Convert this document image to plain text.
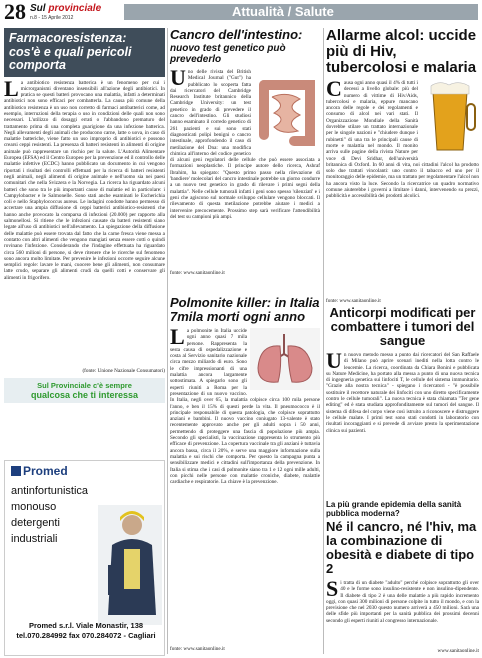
28 Sul provinciale
n.8 - 15 Aprile 2012	Attualità / Salute
Farmacoresistenza: cos'è e quali pericoli comporta
La antibiotico resistenza batterica è un fenomeno per cui i microrganismi diventano insensibili all'azione degli antibiotici. In pratica se questi batteri provocano una malattia, infatti a determinati antibiotici non sono efficaci per combatterla. La causa più comune della antibiotico resistenza è un uso non corretto di farmaci antibatterici come, ad esempio, interruzioni della terapia o uso in condizioni delle quali non sono necessari. L'utilizzo di dosaggi errati o l'abbandono prematuro del trattamento prima di una completa guarigione da una infezione batterica. Negli allevamenti degli animali che producono carne, latte o uova, in caso di malattie batteriche, viene fatto un uso improprio di antibiotici e possono crearsi ceppi resistenti. La presenza di batteri resistenti in alimenti di origine animale può rappresentare un rischio per la salute. L'Autorità Alimentare Europea (EFSA) ed il Centro Europeo per la prevenzione ed il controllo delle malattie infettive (ECDC) hanno pubblicato un documento in cui vengono riportati i risultati dei controlli effettuati per la ricerca di batteri resistenti negli animali, negli alimenti di origine animale e nell'uomo sia nei paesi comunitari che nella Svizzera e la Norvegia. La ricerca ha riguardato alcuni batteri che sono tra le più importanti cause di malattie ed in particolare: i Campylobacter e le Salmonelle. Sono stati anche esaminati le Escherichia coli e nello Staphylococcus aureus. Le indagini condotte hanno permesso di accertare una ampia diffusione di ceppi batterici antibiotico-resistenti che hanno anche provocato la comparsa di infezioni (20.000) per rapporto alla salmonellosi. Si ritiene che le infezioni causate da batteri resistenti siano legate all'uso di antibiotici nell'allevamento. La spiegazione della diffusione delle malattie può essere trovata dal fatto che la carne fresca viene messa a contatto con altri alimenti che vengono mangiati senza essere cotti o quindi rovinano l'infezione. Considerando che l'indagine effettuata ha riguardato circa 560 milioni di persone, si deve ritenere che le ricerche sul fenomeno sono ancora molto limitate. Per prevenire le infezioni occorre seguire alcune semplici regole: lavare le mani, cuocere bene gli alimenti, non consumare latte crudo, separare gli alimenti crudi da quelli cotti e conservare gli alimenti in frigorifero.
(fonte: Unione Nazionale Consumatori)
Sul Provinciale c'è sempre
qualcosa che ti interessa
Promed
antinfortunistica
monouso
detergenti
industriali
Promed s.r.l. Viale Monastir, 138
tel.070.284992 fax 070.284072 - Cagliari
Cancro dell'intestino:
nuovo test genetico può prevederlo
Uno delle rivista del British Medical Journal ("Gut") ha pubblicato lo scoperta fatta dai ricercatori del Cambridge Research Institute britannico della Cambridge University: un test genetico in grado di prevedere il cancro dell'intestino. Gli studiosi hanno esaminato il corredo genetico di 261 pazienti e sui sono stati diagnosticati polipi benigni o cancro intestinale, approfondendo il caso di metilazione del Dna: una modifica chimica all'interno del codice genetico di alcuni geni regolatori delle cellule che può essere associata a formazioni neoplastiche. Il principe autore dello ricerca, Ashraf Ibrahim, ha spiegato: "Questo primo passo nella rilevazione di 'bandiere' molecolari del cancro intestinale potrebbe un giorno condurre a un nuovo test genetico in grado di rilevare i primi segni della malattia". Nelle cellule tumorali infatti i geni sono spesso 'silenziati' e i geni che agiscono sul normale sviluppo cellulare vengono bloccati. Il rilevamento di questa metilazione potrebbe aiutare i medici a intervenire precocemente. Prossimo step sarà verificare l'attendibilità del test su campioni più ampi.
fonte: www.sanitaonline.it
Polmonite killer: in Italia 7mila morti ogni anno
La polmonite in Italia uccide ogni anno quasi 7 mila persone. Rappresenta la sesta causa di ospedalizzazione e costa al Servizio sanitario nazionale circa mezzo miliardo di euro. Sono le cifre impressionanti di una malattia ancora largamente sottostimata. A spiegarlo sono gli esperti riuniti a Roma per la presentazione di un nuovo vaccino. In Italia, negli over 65, la malattia colpisce circa 100 mila persone l'anno, e ben il 15% di questi perde la vita. Il pneumococco è il principale responsabile di questa patologia, che colpisce soprattutto anziani e bambini. Il nuovo vaccino coniugato 13-valente è stato recentemente approvato anche per gli adulti sopra i 50 anni, permettendo di proteggere una fascia di popolazione più ampia. Secondo gli specialisti, la vaccinazione rappresenta lo strumento più efficace di prevenzione. La copertura vaccinale tra gli anziani è tuttavia ancora bassa, circa il 20%, e serve una maggiore informazione sulla malattia e sui rischi che comporta. Per questo la campagna punta a sensibilizzare medici e cittadini sull'importanza della prevenzione. In Italia si stima che i casi di polmonite siano tra 1 e 12 ogni mille adulti, con picchi nelle persone con malattie croniche, diabete, malattie cardiache e respiratorie. La chiave è la prevenzione.
fonte: www.sanitaonline.it
Allarme alcol: uccide più di Hiv, tubercolosi e malaria
Causa ogni anno quasi il 4% di tutti i decessi a livello globale: più del numero di vittime di Hiv/Aids, tubercolosi e malaria, eppure mancano ancora delle regole e dei regolamenti e consumo di alcol nei vari stati. Il Organizzazione Mondiale della Sanità dovrebbe stilare un trattato internazionale per le singole nazioni e "chiudere dunque i rubinetti" di una tra le principali cause di morte e malattia nel mondo. Il monito arriva sulle pagine della rivista Nature per voce di Devi Sridhar, dell'università britannica di Oxford. In 60 anni di vita, noi cittadini l'alcol ha prodotto solo due trattati vincolanti: uno contro il tabacco ed uno per il monitoraggio delle epidemie, ma un trattato per regolamentare l'alcol non ha ancora visto la luce. Secondo la ricercatrice un quadro normativo comune aiuterebbe i governi a limitare i danni, intervenendo su prezzi, pubblicità e accessibilità dei prodotti alcolici.
fonte: www.sanitaonline.it
Anticorpi modificati per combattere i tumori del sangue
Un nuovo metodo messo a punto dai ricercatori del San Raffaele di Milano può aprire scenari inediti nella lotta contro le leucemie. La ricerca, coordinata da Chiara Bonini e pubblicata su Nature Medicine, ha portato alla messa a punto di una nuova tecnica di ingegneria genetica sui linfociti T, le cellule del sistema immunitario. "Grazie alla nostra tecnica" - spiegano i ricercatori - "è possibile sostituire il recettore naturale dei linfociti con uno diretto specificamente contro le cellule tumorali". La nuova tecnica è stata chiamata "Ter gene editing" ed è stata studiata approfonditamente sul tumori del sangue. Il sistema di difesa del corpo viene così istruito a riconoscere e distruggere le cellule malate. I primi test sono stati condotti in laboratorio con risultati incoraggianti e si prevede di avviare presto la sperimentazione clinica sui pazienti.
La più grande epidemia della sanità pubblica moderna?
Né il cancro, né l'hiv, ma la combinazione di obesità e diabete di tipo 2
Si tratta di un diabete "adulto" perché colpisce soprattutto gli over 40 e le forme sono insulino-resistente e non insulino-dipendente. Il diabete di tipo 2 è una delle malattie a più rapido incremento oggi, con quasi 300 milioni di persone colpite in tutto il mondo, e con la previsione che nel 2030 questo numero arriverà a 450 milioni. Sarà una delle sfide più importanti per la sanità pubblica dei prossimi decenni secondo gli esperti riuniti al congresso internazionale.
www.sanitaonline.it
